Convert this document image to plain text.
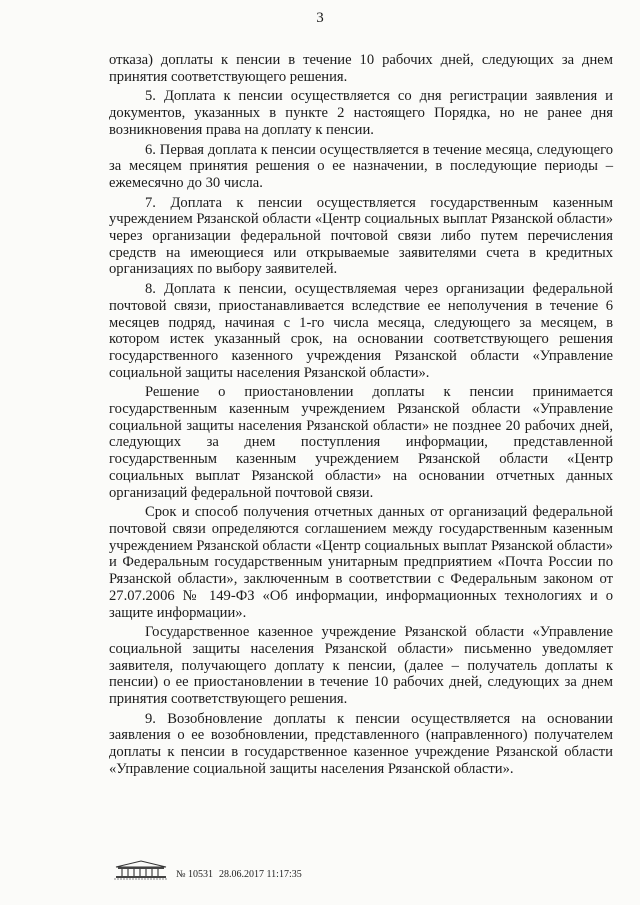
3

отказа) доплаты к пенсии в течение 10 рабочих дней, следующих за днем принятия соответствующего решения.

5. Доплата к пенсии осуществляется со дня регистрации заявления и документов, указанных в пункте 2 настоящего Порядка, но не ранее дня возникновения права на доплату к пенсии.

6. Первая доплата к пенсии осуществляется в течение месяца, следующего за месяцем принятия решения о ее назначении, в последующие периоды – ежемесячно до 30 числа.

7. Доплата к пенсии осуществляется государственным казенным учреждением Рязанской области «Центр социальных выплат Рязанской области» через организации федеральной почтовой связи либо путем перечисления средств на имеющиеся или открываемые заявителями счета в кредитных организациях по выбору заявителей.

8. Доплата к пенсии, осуществляемая через организации федеральной почтовой связи, приостанавливается вследствие ее неполучения в течение 6 месяцев подряд, начиная с 1-го числа месяца, следующего за месяцем, в котором истек указанный срок, на основании соответствующего решения государственного казенного учреждения Рязанской области «Управление социальной защиты населения Рязанской области».

Решение о приостановлении доплаты к пенсии принимается государственным казенным учреждением Рязанской области «Управление социальной защиты населения Рязанской области» не позднее 20 рабочих дней, следующих за днем поступления информации, представленной государственным казенным учреждением Рязанской области «Центр социальных выплат Рязанской области» на основании отчетных данных организаций федеральной почтовой связи.

Срок и способ получения отчетных данных от организаций федеральной почтовой связи определяются соглашением между государственным казенным учреждением Рязанской области «Центр социальных выплат Рязанской области» и Федеральным государственным унитарным предприятием «Почта России по Рязанской области», заключенным в соответствии с Федеральным законом от 27.07.2006 № 149-ФЗ «Об информации, информационных технологиях и о защите информации».

Государственное казенное учреждение Рязанской области «Управление социальной защиты населения Рязанской области» письменно уведомляет заявителя, получающего доплату к пенсии, (далее – получатель доплаты к пенсии) о ее приостановлении в течение 10 рабочих дней, следующих за днем принятия соответствующего решения.

9. Возобновление доплаты к пенсии осуществляется на основании заявления о ее возобновлении, представленного (направленного) получателем доплаты к пенсии в государственное казенное учреждение Рязанской области «Управление социальной защиты населения Рязанской области».

№ 10531 28.06.2017 11:17:35
